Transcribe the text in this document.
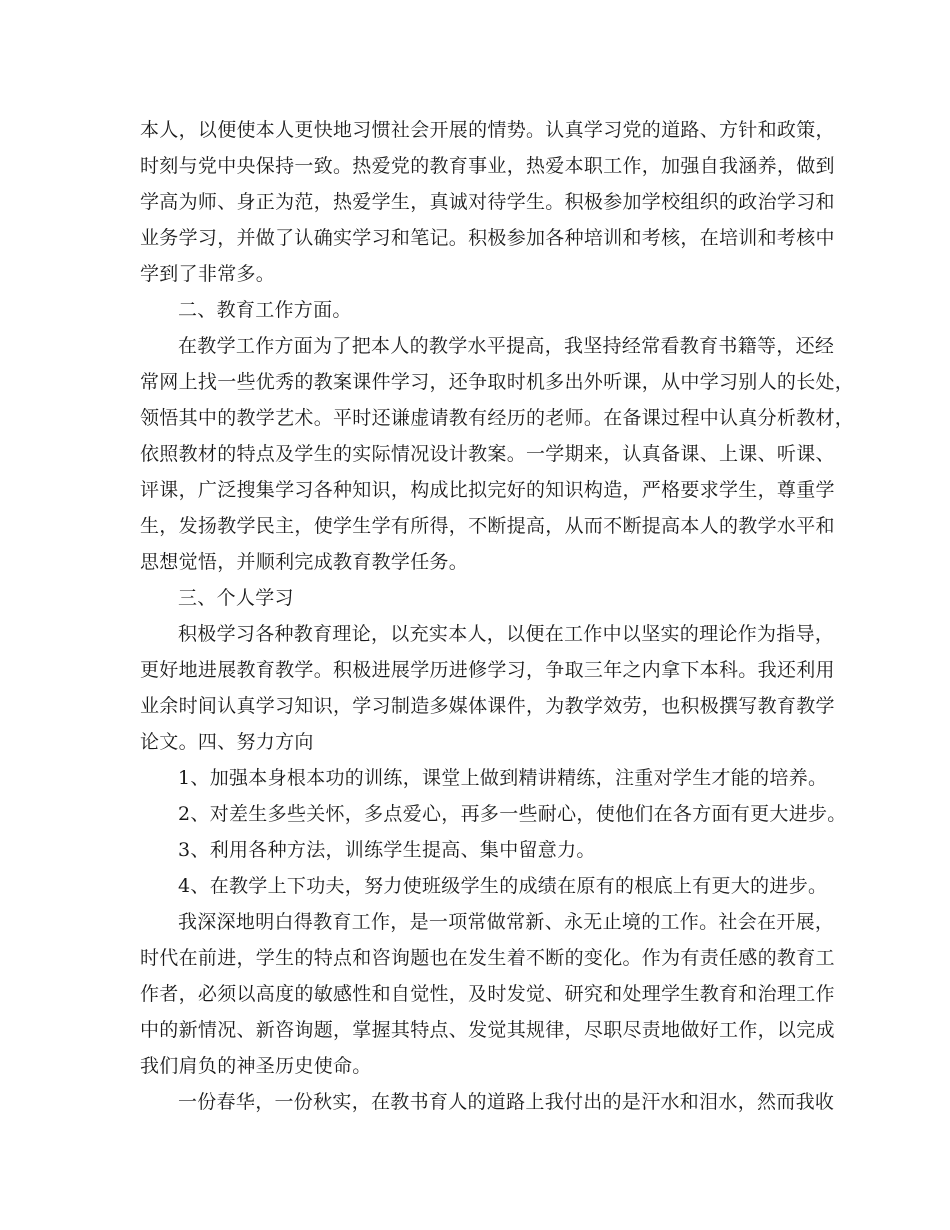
本人，以便使本人更快地习惯社会开展的情势。认真学习党的道路、方针和政策，
时刻与党中央保持一致。热爱党的教育事业，热爱本职工作，加强自我涵养，做到
学高为师、身正为范，热爱学生，真诚对待学生。积极参加学校组织的政治学习和
业务学习，并做了认确实学习和笔记。积极参加各种培训和考核，在培训和考核中
学到了非常多。
二、教育工作方面。
在教学工作方面为了把本人的教学水平提高，我坚持经常看教育书籍等，还经
常网上找一些优秀的教案课件学习，还争取时机多出外听课，从中学习别人的长处，
领悟其中的教学艺术。平时还谦虚请教有经历的老师。在备课过程中认真分析教材，
依照教材的特点及学生的实际情况设计教案。一学期来，认真备课、上课、听课、
评课，广泛搜集学习各种知识，构成比拟完好的知识构造，严格要求学生，尊重学
生，发扬教学民主，使学生学有所得，不断提高，从而不断提高本人的教学水平和
思想觉悟，并顺利完成教育教学任务。
三、个人学习
积极学习各种教育理论，以充实本人，以便在工作中以坚实的理论作为指导，
更好地进展教育教学。积极进展学历进修学习，争取三年之内拿下本科。我还利用
业余时间认真学习知识，学习制造多媒体课件，为教学效劳，也积极撰写教育教学
论文。四、努力方向
1、加强本身根本功的训练，课堂上做到精讲精练，注重对学生才能的培养。
2、对差生多些关怀，多点爱心，再多一些耐心，使他们在各方面有更大进步。
3、利用各种方法，训练学生提高、集中留意力。
4、在教学上下功夫，努力使班级学生的成绩在原有的根底上有更大的进步。
我深深地明白得教育工作，是一项常做常新、永无止境的工作。社会在开展，
时代在前进，学生的特点和咨询题也在发生着不断的变化。作为有责任感的教育工
作者，必须以高度的敏感性和自觉性，及时发觉、研究和处理学生教育和治理工作
中的新情况、新咨询题，掌握其特点、发觉其规律，尽职尽责地做好工作，以完成
我们肩负的神圣历史使命。
一份春华，一份秋实，在教书育人的道路上我付出的是汗水和泪水，然而我收
